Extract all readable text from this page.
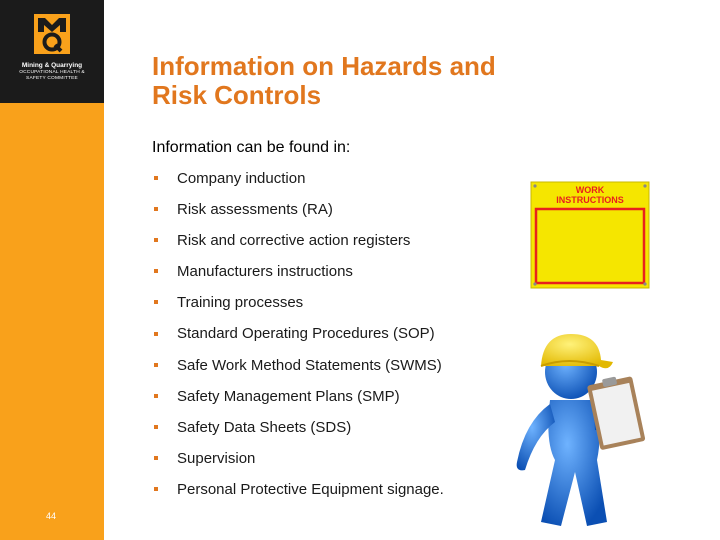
Mining & Quarrying
OCCUPATIONAL HEALTH &
SAFETY COMMITTEE
44
Information on Hazards and
Risk Controls
Information can be found in:
Company induction
Risk assessments (RA)
Risk and corrective action registers
Manufacturers instructions
Training processes
Standard Operating Procedures (SOP)
Safe Work Method Statements (SWMS)
Safety Management Plans (SMP)
Safety Data Sheets (SDS)
Supervision
Personal Protective Equipment signage.
WORK
INSTRUCTIONS
